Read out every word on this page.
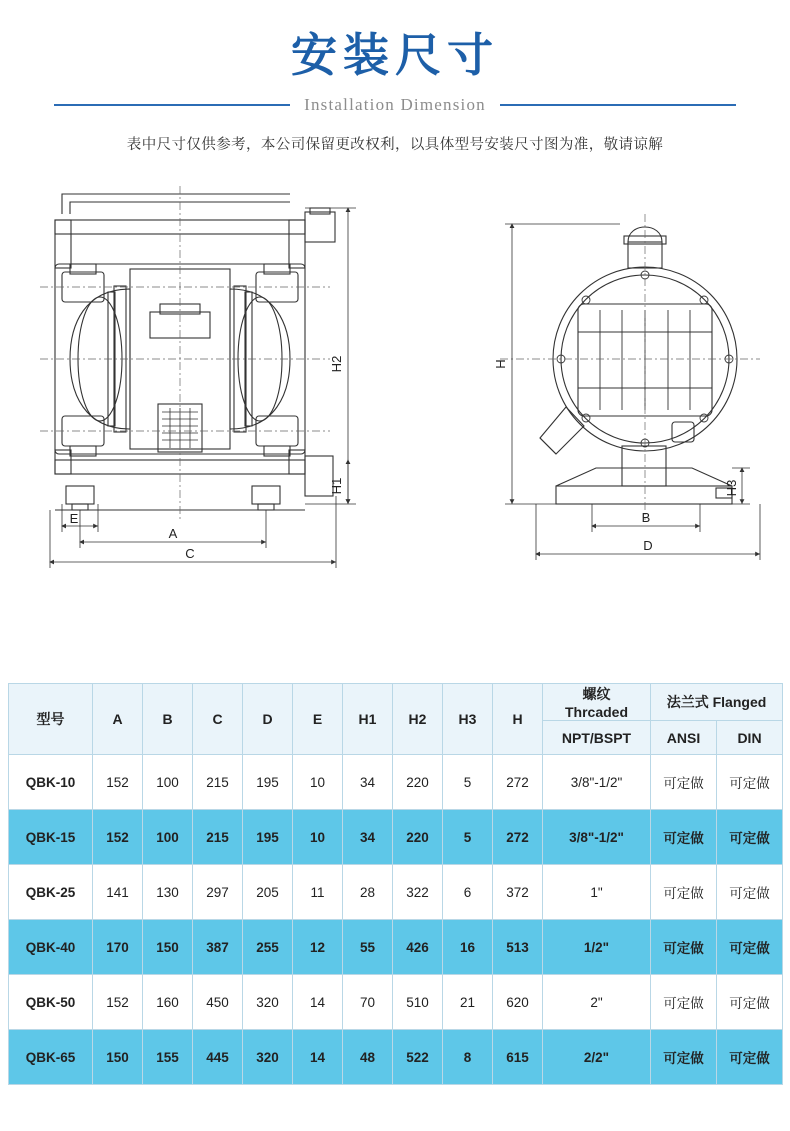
安装尺寸
Installation Dimension
表中尺寸仅供参考，本公司保留更改权利，以具体型号安装尺寸图为准，敬请谅解
H2
H1
E
A
C
H
H3
B
D
型号	A	B	C	D	E	H1	H2	H3	H	螺纹
Thrcaded	法兰式 Flanged	
										NPT/BSPT	ANSI	DIN
QBK-10	152	100	215	195	10	34	220	5	272	3/8"-1/2"	可定做	可定做
QBK-15	152	100	215	195	10	34	220	5	272	3/8"-1/2"	可定做	可定做
QBK-25	141	130	297	205	11	28	322	6	372	1"	可定做	可定做
QBK-40	170	150	387	255	12	55	426	16	513	1/2"	可定做	可定做
QBK-50	152	160	450	320	14	70	510	21	620	2"	可定做	可定做
QBK-65	150	155	445	320	14	48	522	8	615	2/2"	可定做	可定做
